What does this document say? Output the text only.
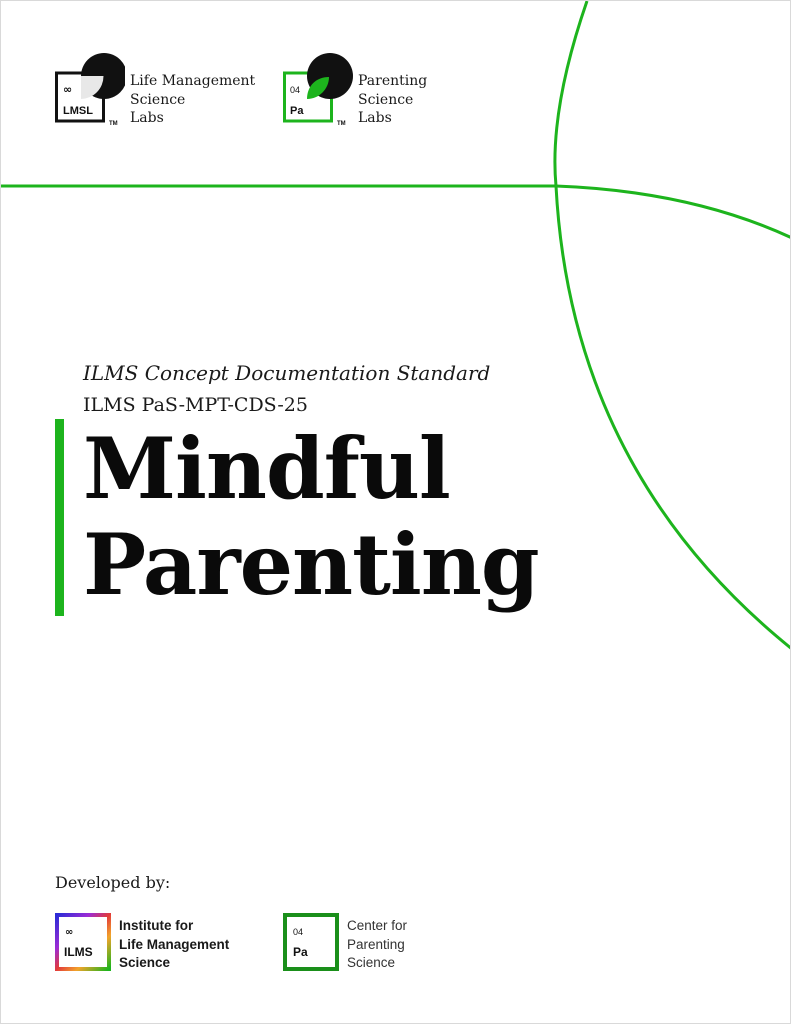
∞
LMSL
TM
Life Management
Science
Labs
04
Pa
TM
Parenting
Science
Labs
ILMS Concept Documentation Standard
ILMS PaS-MPT-CDS-25
Mindful
Parenting
Developed by:
∞
ILMS
Institute for
Life Management
Science
04
Pa
Center for
Parenting
Science
